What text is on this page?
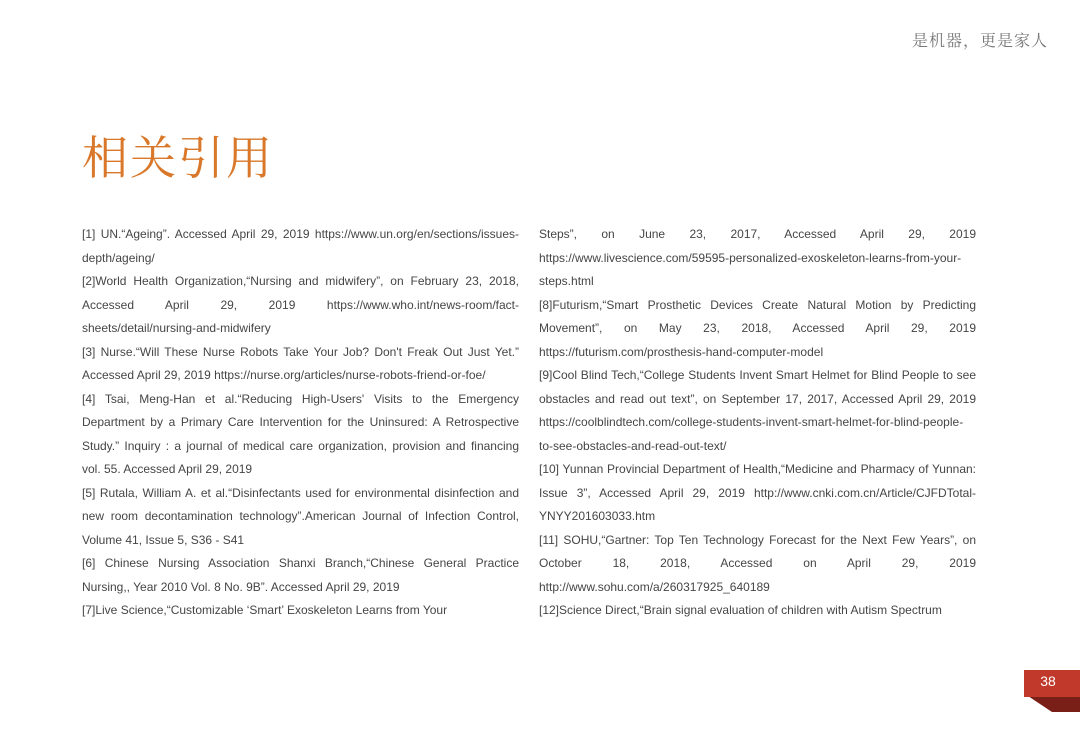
是机器，更是家人
相关引用

[1] UN.“Ageing”. Accessed April 29, 2019 https://www.un.org/en/sections/issues-depth/ageing/

[2]World Health Organization,“Nursing and midwifery”, on February 23, 2018, Accessed April 29, 2019 https://www.who.int/news-room/fact-sheets/detail/nursing-and-midwifery

[3] Nurse.“Will These Nurse Robots Take Your Job? Don't Freak Out Just Yet.” Accessed April 29, 2019 https://nurse.org/articles/nurse-robots-friend-or-foe/

[4] Tsai, Meng-Han et al.“Reducing High-Users' Visits to the Emergency Department by a Primary Care Intervention for the Uninsured: A Retrospective Study.” Inquiry : a journal of medical care organization, provision and financing vol. 55. Accessed April 29, 2019

[5] Rutala, William A. et al.“Disinfectants used for environmental disinfection and new room decontamination technology”.American Journal of Infection Control, Volume 41, Issue 5, S36 - S41

[6] Chinese Nursing Association Shanxi Branch,“Chinese General Practice Nursing,, Year 2010 Vol. 8 No. 9B”. Accessed April 29, 2019

[7]Live Science,“Customizable ‘Smart’ Exoskeleton Learns from Your

Steps”, on June 23, 2017, Accessed April 29, 2019 https://www.livescience.com/59595-personalized-exoskeleton-learns-from-your-steps.html

[8]Futurism,“Smart Prosthetic Devices Create Natural Motion by Predicting Movement”, on May 23, 2018, Accessed April 29, 2019 https://futurism.com/prosthesis-hand-computer-model

[9]Cool Blind Tech,“College Students Invent Smart Helmet for Blind People to see obstacles and read out text”, on September 17, 2017, Accessed April 29, 2019 https://coolblindtech.com/college-students-invent-smart-helmet-for-blind-people-to-see-obstacles-and-read-out-text/

[10] Yunnan Provincial Department of Health,“Medicine and Pharmacy of Yunnan: Issue 3”, Accessed April 29, 2019 http://www.cnki.com.cn/Article/CJFDTotal-YNYY201603033.htm

[11] SOHU,“Gartner: Top Ten Technology Forecast for the Next Few Years”, on October 18, 2018, Accessed on April 29, 2019 http://www.sohu.com/a/260317925_640189

[12]Science Direct,“Brain signal evaluation of children with Autism Spectrum

38
